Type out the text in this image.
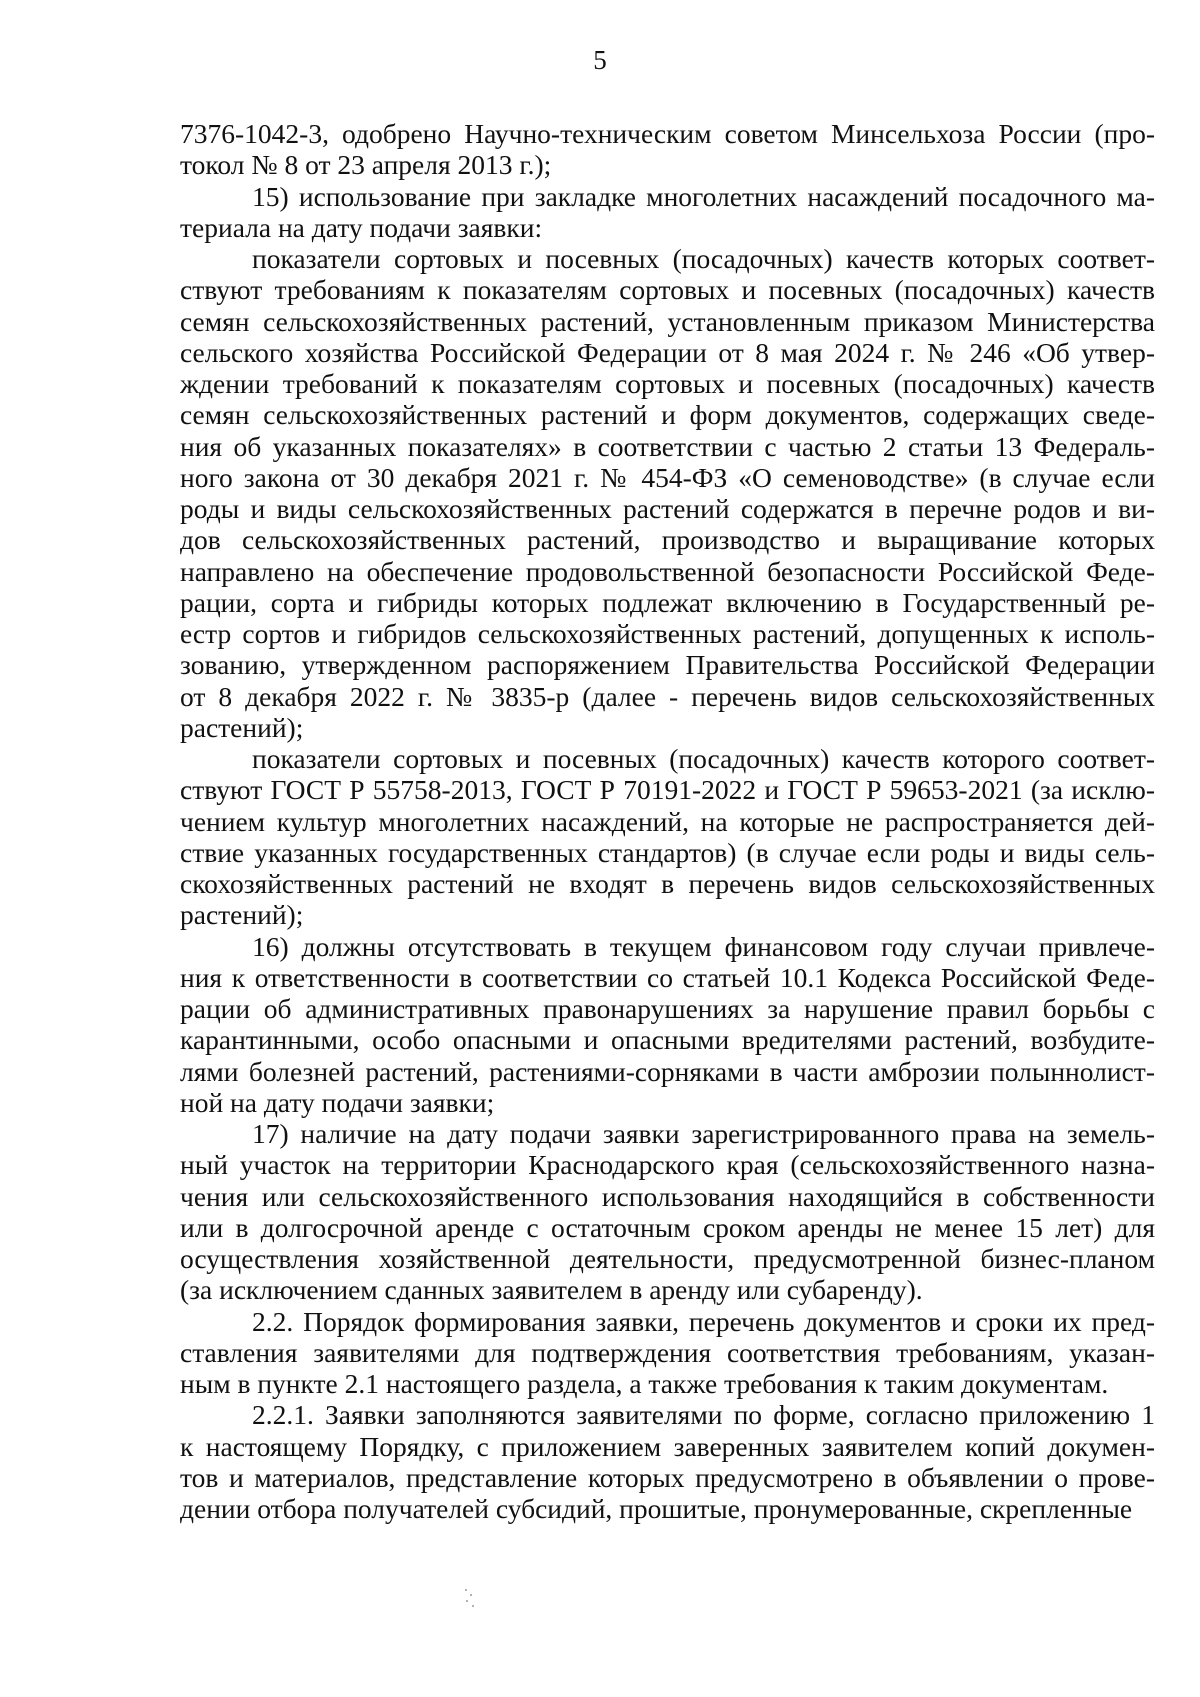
5
7376-1042-3, одобрено Научно-техническим советом Минсельхоза России (про-
токол № 8 от 23 апреля 2013 г.);
15) использование при закладке многолетних насаждений посадочного ма-
териала на дату подачи заявки:
показатели сортовых и посевных (посадочных) качеств которых соответ-
ствуют требованиям к показателям сортовых и посевных (посадочных) качеств
семян сельскохозяйственных растений, установленным приказом Министерства
сельского хозяйства Российской Федерации от 8 мая 2024 г. № 246 «Об утвер-
ждении требований к показателям сортовых и посевных (посадочных) качеств
семян сельскохозяйственных растений и форм документов, содержащих сведе-
ния об указанных показателях» в соответствии с частью 2 статьи 13 Федераль-
ного закона от 30 декабря 2021 г. № 454-ФЗ «О семеноводстве» (в случае если
роды и виды сельскохозяйственных растений содержатся в перечне родов и ви-
дов сельскохозяйственных растений, производство и выращивание которых
направлено на обеспечение продовольственной безопасности Российской Феде-
рации, сорта и гибриды которых подлежат включению в Государственный ре-
естр сортов и гибридов сельскохозяйственных растений, допущенных к исполь-
зованию, утвержденном распоряжением Правительства Российской Федерации
от 8 декабря 2022 г. № 3835-р (далее - перечень видов сельскохозяйственных
растений);
показатели сортовых и посевных (посадочных) качеств которого соответ-
ствуют ГОСТ Р 55758-2013, ГОСТ Р 70191-2022 и ГОСТ Р 59653-2021 (за исклю-
чением культур многолетних насаждений, на которые не распространяется дей-
ствие указанных государственных стандартов) (в случае если роды и виды сель-
скохозяйственных растений не входят в перечень видов сельскохозяйственных
растений);
16) должны отсутствовать в текущем финансовом году случаи привлече-
ния к ответственности в соответствии со статьей 10.1 Кодекса Российской Феде-
рации об административных правонарушениях за нарушение правил борьбы с
карантинными, особо опасными и опасными вредителями растений, возбудите-
лями болезней растений, растениями-сорняками в части амброзии полыннолист-
ной на дату подачи заявки;
17) наличие на дату подачи заявки зарегистрированного права на земель-
ный участок на территории Краснодарского края (сельскохозяйственного назна-
чения или сельскохозяйственного использования находящийся в собственности
или в долгосрочной аренде с остаточным сроком аренды не менее 15 лет) для
осуществления хозяйственной деятельности, предусмотренной бизнес-планом
(за исключением сданных заявителем в аренду или субаренду).
2.2. Порядок формирования заявки, перечень документов и сроки их пред-
ставления заявителями для подтверждения соответствия требованиям, указан-
ным в пункте 2.1 настоящего раздела, а также требования к таким документам.
2.2.1. Заявки заполняются заявителями по форме, согласно приложению 1
к настоящему Порядку, с приложением заверенных заявителем копий докумен-
тов и материалов, представление которых предусмотрено в объявлении о прове-
дении отбора получателей субсидий, прошитые, пронумерованные, скрепленные
